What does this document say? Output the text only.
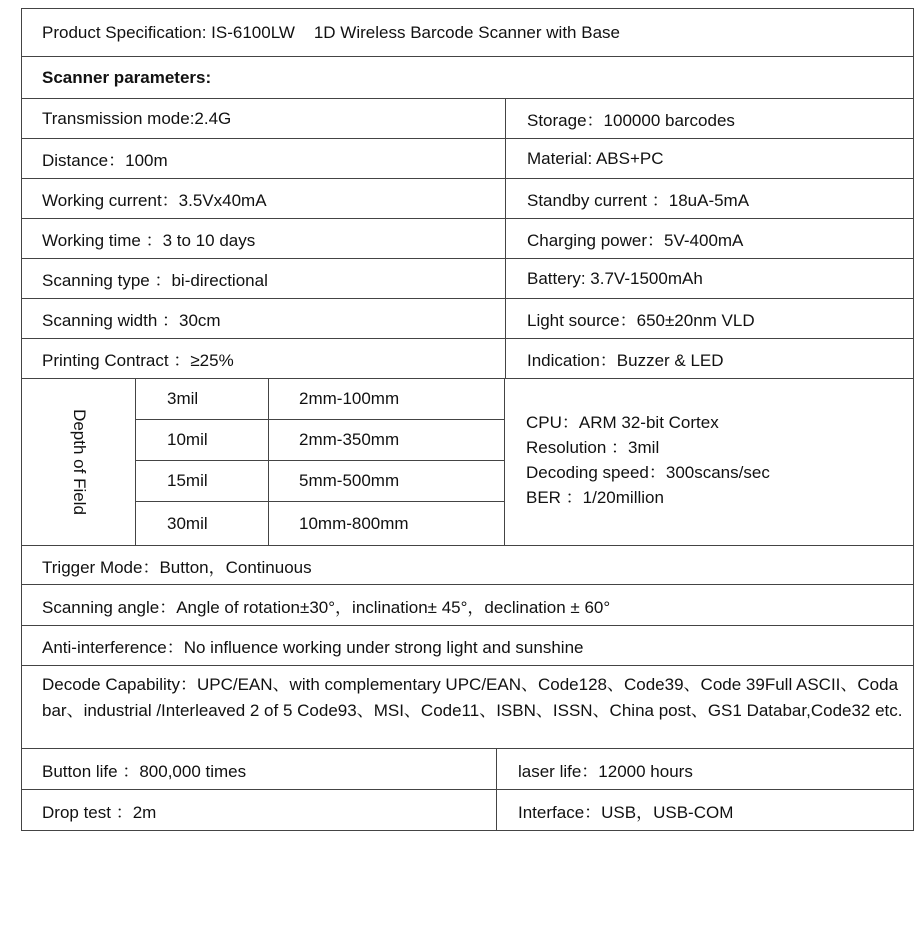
Product Specification:
IS-6100LW
1D Wireless Barcode Scanner with Base
Scanner parameters:
Transmission mode:2.4G	Storage：100000 barcodes
Distance：100m	Material: ABS+PC
Working current：3.5Vx40mA	Standby current ：18uA-5mA
Working time ：3 to 10 days	Charging power：5V-400mA
Scanning type ：bi-directional	Battery: 3.7V-1500mAh
Scanning width ：30cm	Light source：650±20nm VLD
Printing Contract ：≥25%	Indication：Buzzer & LED
Depth of Field
3mil	2mm-100mm
10mil	2mm-350mm
15mil	5mm-500mm
30mil	10mm-800mm
CPU：ARM 32-bit Cortex
Resolution ：3mil
Decoding speed：300scans/sec
BER ：1/20million
Trigger Mode：Button，Continuous
Scanning angle：Angle of rotation±30°，inclination± 45°，declination ± 60°
Anti-interference：No influence working under strong light and sunshine
Decode Capability：UPC/EAN、with complementary UPC/EAN、Code128、Code39、Code 39Full ASCII、Coda bar、industrial /Interleaved 2 of 5 Code93、MSI、Code11、ISBN、ISSN、China post、GS1 Databar,Code32 etc.
Button life ：800,000 times	laser life：12000 hours
Drop test ：2m	Interface：USB，USB-COM
